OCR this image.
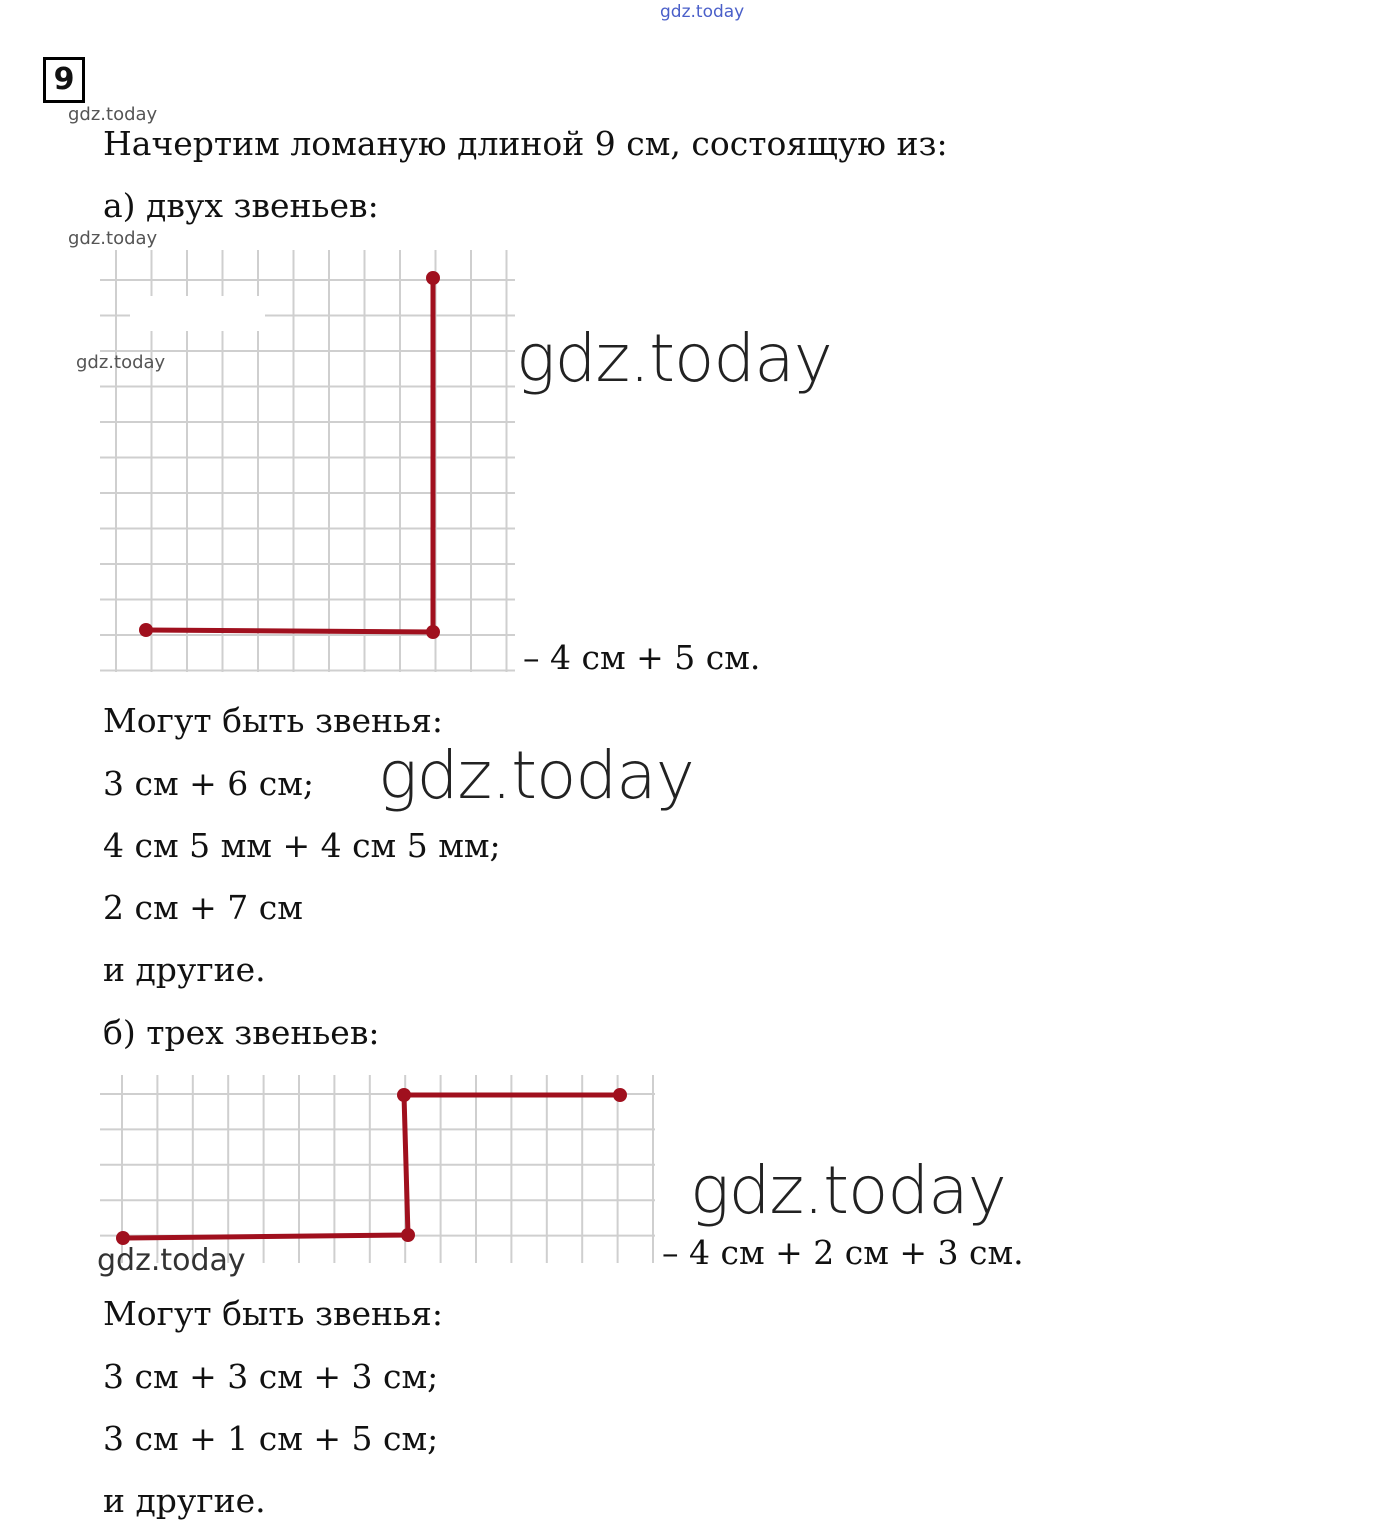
gdz.today
9
gdz.today
Начертим ломаную длиной 9 см, состоящую из:
а) двух звеньев:
gdz.today
gdz.today	gdz.today
– 4 см + 5 см.
Могут быть звенья:
3 см + 6 см; gdz.today
4 см 5 мм + 4 см 5 мм;
2 см + 7 см
и другие.
б) трех звеньев:
gdz.today
gdz.today	– 4 см + 2 см + 3 см.
Могут быть звенья:
3 см + 3 см + 3 см;
3 см + 1 см + 5 см;
и другие.
